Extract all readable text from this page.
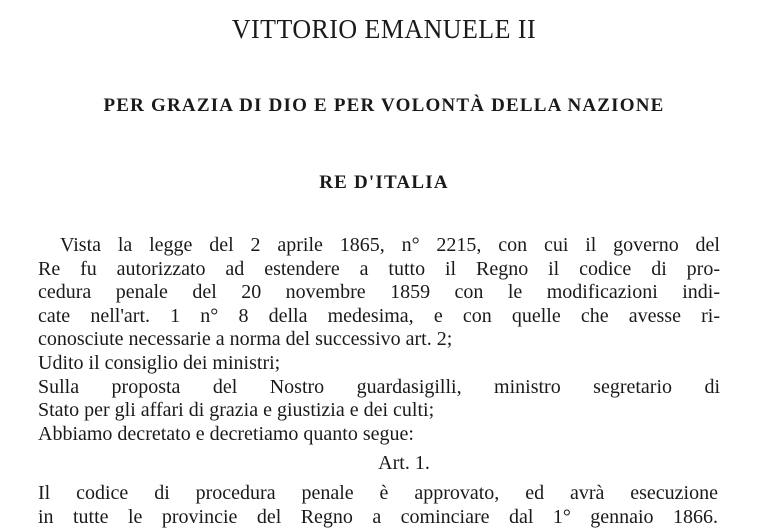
VITTORIO EMANUELE II
PER GRAZIA DI DIO E PER VOLONTÀ DELLA NAZIONE
RE D'ITALIA
Vista la legge del 2 aprile 1865, n° 2215, con cui il governo del
Re fu autorizzato ad estendere a tutto il Regno il codice di pro-
cedura penale del 20 novembre 1859 con le modificazioni indi-
cate nell'art. 1 n° 8 della medesima, e con quelle che avesse ri-
conosciute necessarie a norma del successivo art. 2;
Udito il consiglio dei ministri;
Sulla proposta del Nostro guardasigilli, ministro segretario di
Stato per gli affari di grazia e giustizia e dei culti;
Abbiamo decretato e decretiamo quanto segue:
Art. 1.
Il codice di procedura penale è approvato, ed avrà esecuzione
in tutte le provincie del Regno a cominciare dal 1° gennaio 1866.
